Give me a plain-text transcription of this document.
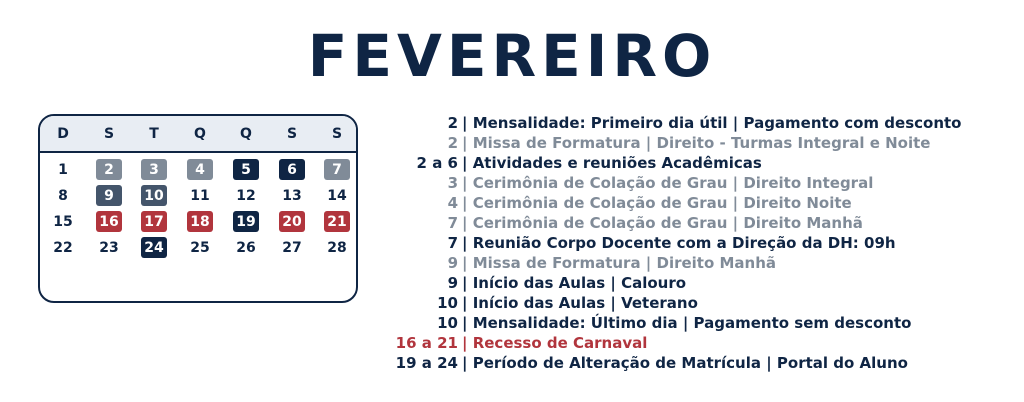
FEVEREIRO
D	S	T	Q	Q	S	S
1	2	3	4	5	6	7
8	9	10 11 12 13 14
15 16 17 18 19 20 21
22 23 24 25 26 27 28
2 | Mensalidade: Primeiro dia útil | Pagamento com desconto
2 | Missa de Formatura | Direito - Turmas Integral e Noite
2 a 6 | Atividades e reuniões Acadêmicas
3 | Cerimônia de Colação de Grau | Direito Integral
4 | Cerimônia de Colação de Grau | Direito Noite
7 | Cerimônia de Colação de Grau | Direito Manhã
7 | Reunião Corpo Docente com a Direção da DH: 09h
9 | Missa de Formatura | Direito Manhã
9 | Início das Aulas | Calouro
10 | Início das Aulas | Veterano
10 | Mensalidade: Último dia | Pagamento sem desconto
16 a 21 | Recesso de Carnaval
19 a 24 | Período de Alteração de Matrícula | Portal do Aluno
